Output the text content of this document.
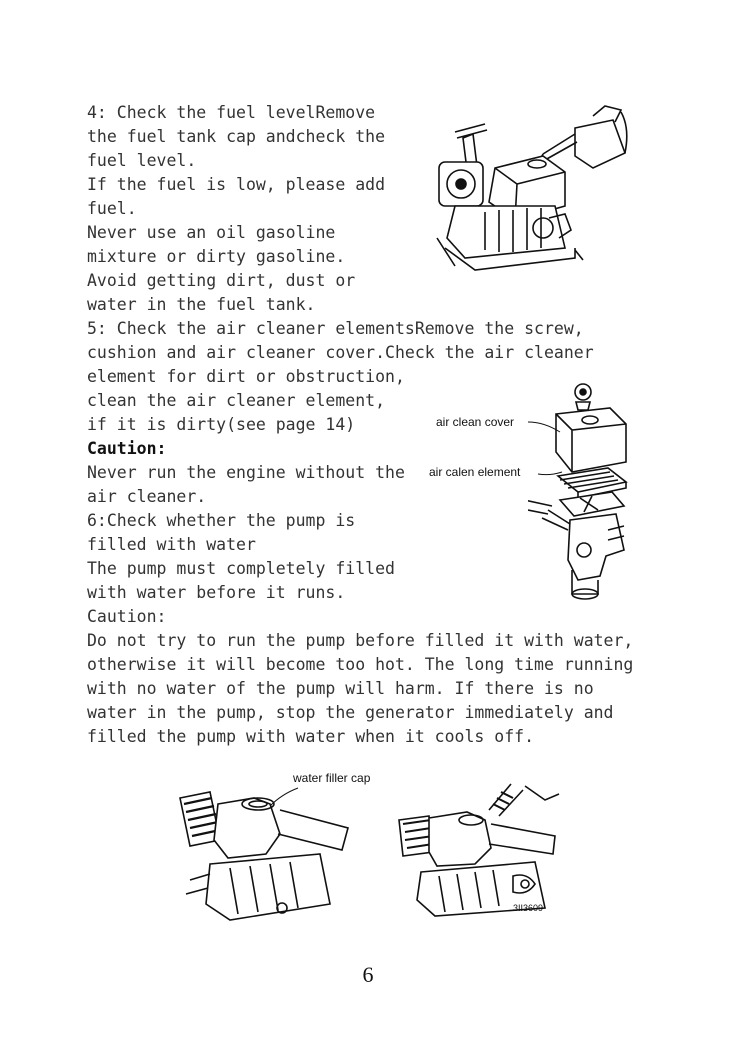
4: Check the fuel levelRemove
the fuel tank cap andcheck the
fuel level.
If the fuel is low, please add
fuel.
Never use an oil gasoline
mixture or dirty gasoline.
Avoid getting dirt, dust or
water in the fuel tank.
5: Check the air cleaner elementsRemove the screw,
cushion and air cleaner cover.Check the air cleaner
element for dirt or obstruction,
clean the air cleaner element,
if it is dirty(see page 14)
Caution:
Never run the engine without the
air cleaner.
6:Check whether the pump is
filled with water
The pump must completely filled
with water before it runs.
Caution:
Do not try to run the pump before filled it with water,
otherwise it will become too hot. The long time running
with no water of the pump will harm. If there is no
water in the pump, stop the generator immediately and
filled the pump with water when it cools off.
air clean cover
air calen element
water filler cap
3II3609
6
